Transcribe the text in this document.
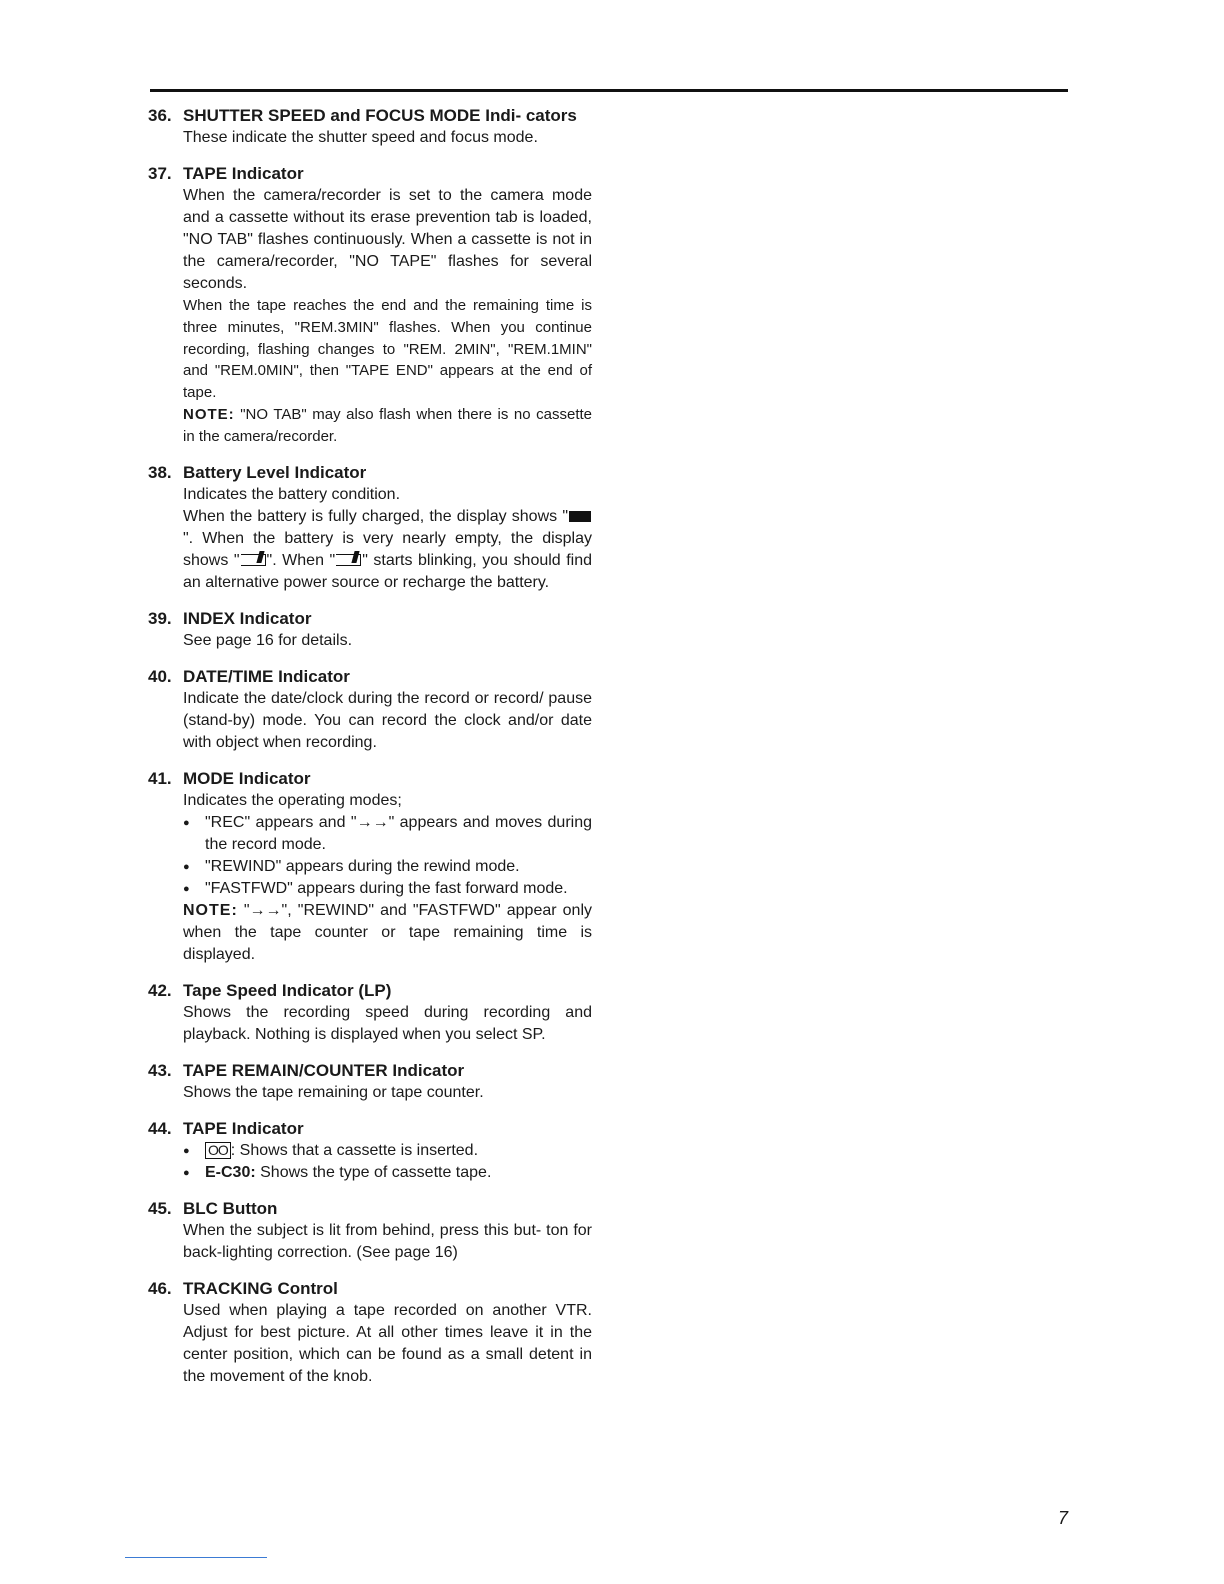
36. SHUTTER SPEED and FOCUS MODE Indi- cators

These indicate the shutter speed and focus mode.

37. TAPE Indicator

When the camera/recorder is set to the camera mode and a cassette without its erase prevention tab is loaded, "NO TAB" flashes continuously. When a cassette is not in the camera/recorder, "NO TAPE" flashes for several seconds.

When the tape reaches the end and the remaining time is three minutes, "REM.3MIN" flashes. When you continue recording, flashing changes to "REM. 2MIN", "REM.1MIN" and "REM.0MIN", then "TAPE END" appears at the end of tape.

NOTE: "NO TAB" may also flash when there is no cassette in the camera/recorder.

38. Battery Level Indicator

Indicates the battery condition.

When the battery is fully charged, the display shows "". When the battery is very nearly empty, the display shows " ". When " " starts blinking, you should find an alternative power source or recharge the battery.

39. INDEX Indicator

See page 16 for details.

40. DATE/TIME Indicator

Indicate the date/clock during the record or record/ pause (stand-by) mode. You can record the clock and/or date with object when recording.

41. MODE Indicator

Indicates the operating modes;

● "REC" appears and "→→" appears and moves during the record mode.
● "REWIND" appears during the rewind mode.
● "FASTFWD" appears during the fast forward mode.

NOTE: "→→", "REWIND" and "FASTFWD" appear only when the tape counter or tape remaining time is displayed.

42. Tape Speed Indicator (LP)

Shows the recording speed during recording and playback. Nothing is displayed when you select SP.

43. TAPE REMAIN/COUNTER Indicator

Shows the tape remaining or tape counter.

44. TAPE Indicator
●	OO : Shows that a cassette is inserted.
● E-C30: Shows the type of cassette tape.
45. BLC Button

When the subject is lit from behind, press this but- ton for back-lighting correction. (See page 16)

46. TRACKING Control

Used when playing a tape recorded on another VTR. Adjust for best picture. At all other times leave it in the center position, which can be found as a small detent in the movement of the knob.

7
